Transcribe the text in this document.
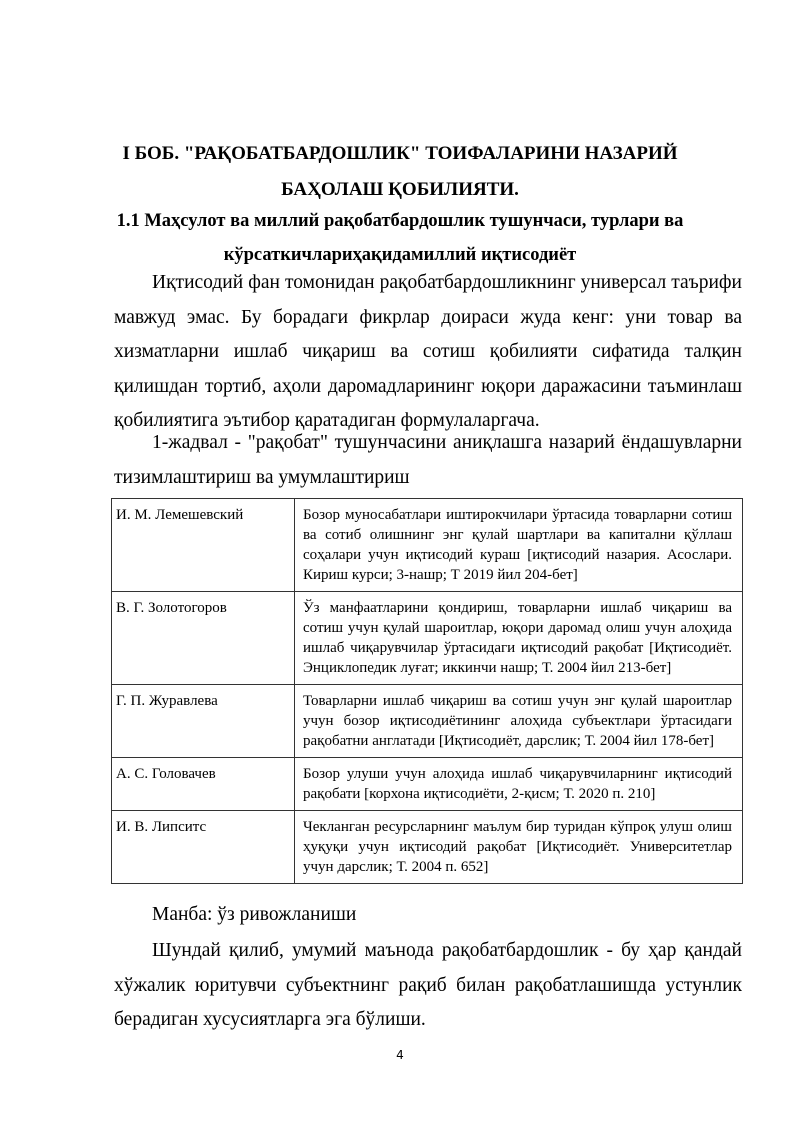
I БОБ. "РАҚОБАТБАРДОШЛИК" ТОИФАЛАРИНИ НАЗАРИЙ
БАҲОЛАШ ҚОБИЛИЯТИ.
1.1 Маҳсулот ва миллий рақобатбардошлик тушунчаси, турлари ва
кўрсаткичлариҳақидамиллий иқтисодиёт

Иқтисодий фан томонидан рақобатбардошликнинг универсал таърифи мавжуд эмас. Бу борадаги фикрлар доираси жуда кенг: уни товар ва хизматларни ишлаб чиқариш ва сотиш қобилияти сифатида талқин қилишдан тортиб, аҳоли даромадларининг юқори даражасини таъминлаш қобилиятига эътибор қаратадиган формулаларгача.

1-жадвал - "рақобат" тушунчасини аниқлашга назарий ёндашувларни тизимлаштириш ва умумлаштириш

И. М. Лемешевский	Бозор муносабатлари иштирокчилари ўртасида товарларни сотиш ва сотиб олишнинг энг қулай шартлари ва капитални қўллаш соҳалари учун иқтисодий кураш [иқтисодий назария. Асослари. Кириш курси; 3-нашр; Т 2019 йил 204-бет]
В. Г. Золотогоров	Ўз манфаатларини қондириш, товарларни ишлаб чиқариш ва сотиш учун қулай шароитлар, юқори даромад олиш учун алоҳида ишлаб чиқарувчилар ўртасидаги иқтисодий рақобат [Иқтисодиёт. Энциклопедик луғат; иккинчи нашр; Т. 2004 йил 213-бет]
Г. П. Журавлева	Товарларни ишлаб чиқариш ва сотиш учун энг қулай шароитлар учун бозор иқтисодиётининг алоҳида субъектлари ўртасидаги рақобатни англатади [Иқтисодиёт, дарслик; Т. 2004 йил 178-бет]
А. С. Головачев	Бозор улуши учун алоҳида ишлаб чиқарувчиларнинг иқтисодий рақобати [корхона иқтисодиёти, 2-қисм; Т. 2020 п. 210]
И. В. Липситс	Чекланган ресурсларнинг маълум бир туридан кўпроқ улуш олиш ҳуқуқи учун иқтисодий рақобат [Иқтисодиёт. Университетлар учун дарслик; Т. 2004 п. 652]
Манба: ўз ривожланиши

Шундай қилиб, умумий маънода рақобатбардошлик - бу ҳар қандай хўжалик юритувчи субъектнинг рақиб билан рақобатлашишда устунлик берадиган хусусиятларга эга бўлиши.

4
